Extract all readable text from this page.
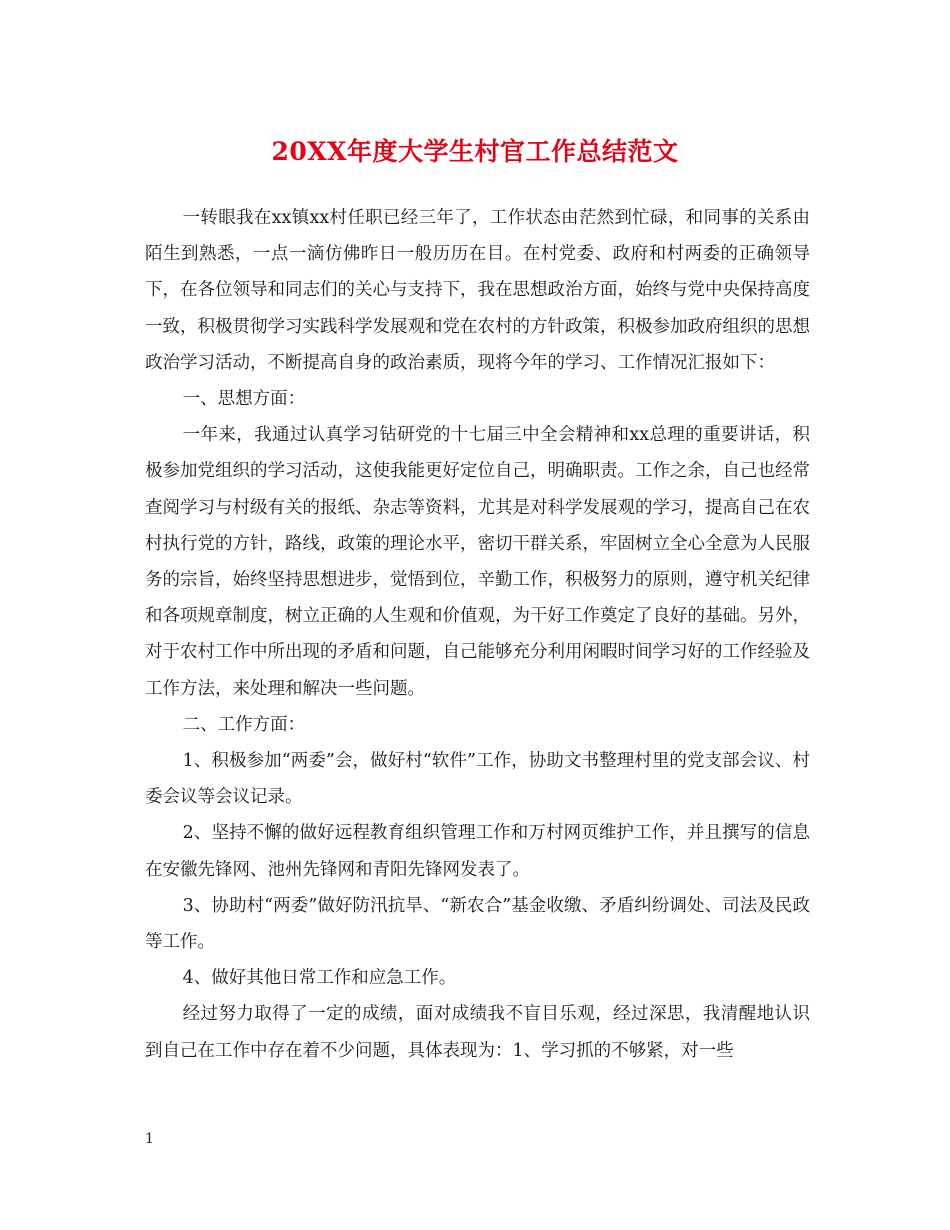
20XX年度大学生村官工作总结范文

一转眼我在xx镇xx村任职已经三年了，工作状态由茫然到忙碌，和同事的关系由陌生到熟悉，一点一滴仿佛昨日一般历历在目。在村党委、政府和村两委的正确领导下，在各位领导和同志们的关心与支持下，我在思想政治方面，始终与党中央保持高度一致，积极贯彻学习实践科学发展观和党在农村的方针政策，积极参加政府组织的思想政治学习活动，不断提高自身的政治素质，现将今年的学习、工作情况汇报如下：

一、思想方面：

一年来，我通过认真学习钻研党的十七届三中全会精神和xx总理的重要讲话，积极参加党组织的学习活动，这使我能更好定位自己，明确职责。工作之余，自己也经常查阅学习与村级有关的报纸、杂志等资料，尤其是对科学发展观的学习，提高自己在农村执行党的方针，路线，政策的理论水平，密切干群关系，牢固树立全心全意为人民服务的宗旨，始终坚持思想进步，觉悟到位，辛勤工作，积极努力的原则，遵守机关纪律和各项规章制度，树立正确的人生观和价值观，为干好工作奠定了良好的基础。另外，对于农村工作中所出现的矛盾和问题，自己能够充分利用闲暇时间学习好的工作经验及工作方法，来处理和解决一些问题。

二、工作方面：

1、积极参加“两委”会，做好村“软件”工作，协助文书整理村里的党支部会议、村委会议等会议记录。

2、坚持不懈的做好远程教育组织管理工作和万村网页维护工作，并且撰写的信息在安徽先锋网、池州先锋网和青阳先锋网发表了。

3、协助村“两委”做好防汛抗旱、“新农合”基金收缴、矛盾纠纷调处、司法及民政等工作。

4、做好其他日常工作和应急工作。

经过努力取得了一定的成绩，面对成绩我不盲目乐观，经过深思，我清醒地认识到自己在工作中存在着不少问题，具体表现为：1、学习抓的不够紧，对一些

1
